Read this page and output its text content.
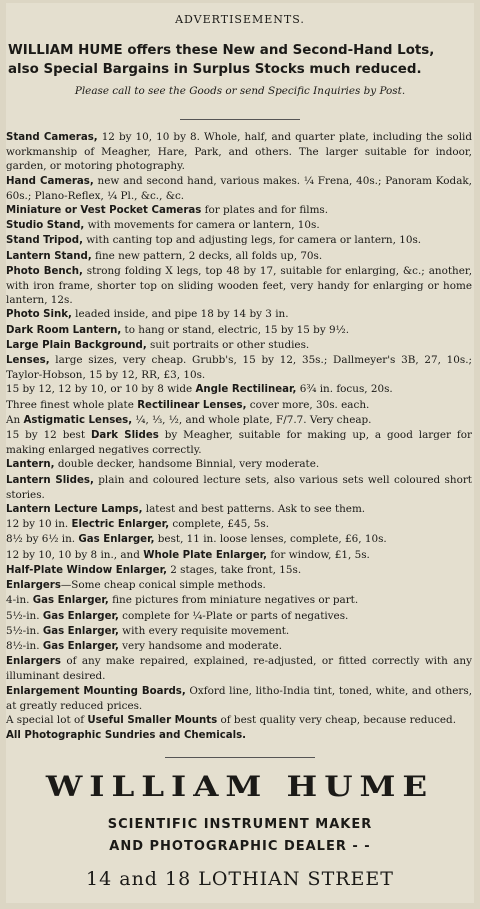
ADVERTISEMENTS.
WILLIAM HUME offers these New and Second-Hand Lots,
also Special Bargains in Surplus Stocks much reduced.
Please call to see the Goods or send Specific Inquiries by Post.

Stand Cameras, 12 by 10, 10 by 8. Whole, half, and quarter plate, including the solid workmanship of Meagher, Hare, Park, and others. The larger suitable for indoor, garden, or motoring photography.

Hand Cameras, new and second hand, various makes. ¼ Frena, 40s.; Panoram Kodak, 60s.; Plano-Reflex, ¼ Pl., &c., &c.

Miniature or Vest Pocket Cameras for plates and for films.

Studio Stand, with movements for camera or lantern, 10s.

Stand Tripod, with canting top and adjusting legs, for camera or lantern, 10s.

Lantern Stand, fine new pattern, 2 decks, all folds up, 70s.

Photo Bench, strong folding X legs, top 48 by 17, suitable for enlarging, &c.; another, with iron frame, shorter top on sliding wooden feet, very handy for enlarging or home lantern, 12s.

Photo Sink, leaded inside, and pipe 18 by 14 by 3 in.

Dark Room Lantern, to hang or stand, electric, 15 by 15 by 9½.

Large Plain Background, suit portraits or other studies.

Lenses, large sizes, very cheap. Grubb's, 15 by 12, 35s.; Dallmeyer's 3B, 27, 10s.; Taylor-Hobson, 15 by 12, RR, £3, 10s.

15 by 12, 12 by 10, or 10 by 8 wide Angle Rectilinear, 6¾ in. focus, 20s.

Three finest whole plate Rectilinear Lenses, cover more, 30s. each.

An Astigmatic Lenses, ¼, ⅓, ½, and whole plate, F/7.7. Very cheap.

15 by 12 best Dark Slides by Meagher, suitable for making up, a good larger for making enlarged negatives correctly.

Lantern, double decker, handsome Binnial, very moderate.

Lantern Slides, plain and coloured lecture sets, also various sets well coloured short stories.

Lantern Lecture Lamps, latest and best patterns. Ask to see them.

12 by 10 in. Electric Enlarger, complete, £45, 5s.

8½ by 6½ in. Gas Enlarger, best, 11 in. loose lenses, complete, £6, 10s.

12 by 10, 10 by 8 in., and Whole Plate Enlarger, for window, £1, 5s.

Half-Plate Window Enlarger, 2 stages, take front, 15s.

Enlargers—Some cheap conical simple methods.

4-in. Gas Enlarger, fine pictures from miniature negatives or part.

5½-in. Gas Enlarger, complete for ¼-Plate or parts of negatives.

5½-in. Gas Enlarger, with every requisite movement.

8½-in. Gas Enlarger, very handsome and moderate.

Enlargers of any make repaired, explained, re-adjusted, or fitted correctly with any illuminant desired.

Enlargement Mounting Boards, Oxford line, litho-India tint, toned, white, and others, at greatly reduced prices.

A special lot of Useful Smaller Mounts of best quality very cheap, because reduced.

All Photographic Sundries and Chemicals.

WILLIAM HUME
SCIENTIFIC INSTRUMENT MAKER
AND PHOTOGRAPHIC DEALER - -
14 and 18 LOTHIAN STREET
